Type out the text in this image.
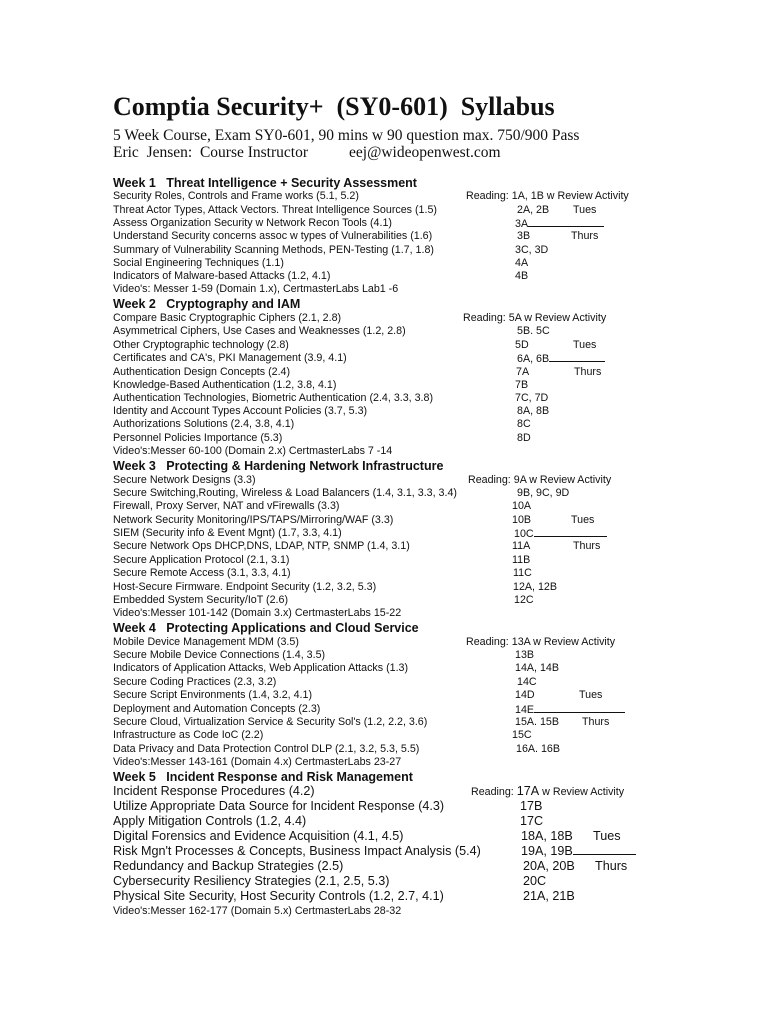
Comptia Security+  (SY0-601)  Syllabus
5 Week Course, Exam SY0-601, 90 mins w 90 question max. 750/900 Pass
Eric  Jensen:  Course Instructor	eej@wideopenwest.com
Week 1 Threat Intelligence + Security Assessment
Reading: 1A, 1B w Review Activity
Security Roles, Controls and Frame works (5.1, 5.2)
Threat Actor Types, Attack Vectors. Threat Intelligence Sources (1.5)	2A, 2B Tues
Assess Organization Security w Network Recon Tools (4.1)	3A
Understand Security concerns assoc w types of Vulnerabilities (1.6)	3B	Thurs
Summary of Vulnerability Scanning Methods, PEN-Testing (1.7, 1.8)	3C, 3D
Social Engineering Techniques (1.1)	4A
Indicators of Malware-based Attacks (1.2, 4.1)	4B
Video's: Messer 1-59 (Domain 1.x), CertmasterLabs Lab1 -6
Week 2 Cryptography and IAM
Reading: 5A w Review Activity
Compare Basic Cryptographic Ciphers (2.1, 2.8)
Asymmetrical Ciphers, Use Cases and Weaknesses (1.2, 2.8)	5B. 5C
Other Cryptographic technology (2.8)	5D	Tues
Certificates and CA's, PKI Management (3.9, 4.1)	6A, 6B
Authentication Design Concepts (2.4)	7A	Thurs
Knowledge-Based Authentication (1.2, 3.8, 4.1)	7B
Authentication Technologies, Biometric Authentication (2.4, 3.3, 3.8)	7C, 7D
Identity and Account Types Account Policies (3.7, 5.3)	8A, 8B
Authorizations Solutions (2.4, 3.8, 4.1)	8C
Personnel Policies Importance (5.3)	8D
Video's:Messer 60-100 (Domain 2.x) CertmasterLabs 7 -14
Week 3 Protecting & Hardening Network Infrastructure
Reading: 9A w Review Activity
Secure Network Designs (3.3)
Secure Switching,Routing, Wireless & Load Balancers (1.4, 3.1, 3.3, 3.4)	9B, 9C, 9D
Firewall, Proxy Server, NAT and vFirewalls (3.3)	10A
Network Security Monitoring/IPS/TAPS/Mirroring/WAF (3.3)	10B	Tues
SIEM (Security info & Event Mgnt) (1.7, 3.3, 4.1)	10C
Secure Network Ops DHCP,DNS, LDAP, NTP, SNMP (1.4, 3.1)	11A	Thurs
Secure Application Protocol (2.1, 3.1)	11B
Secure Remote Access (3.1, 3.3, 4.1)	11C
Host-Secure Firmware. Endpoint Security (1.2, 3.2, 5.3)	12A, 12B
Embedded System Security/IoT (2.6)	12C
Video's:Messer 101-142 (Domain 3.x) CertmasterLabs 15-22
Week 4 Protecting Applications and Cloud Service
Reading: 13A w Review Activity
Mobile Device Management MDM (3.5)
Secure Mobile Device Connections (1.4, 3.5)	13B
Indicators of Application Attacks, Web Application Attacks (1.3)	14A, 14B
Secure Coding Practices (2.3, 3.2)	14C
Secure Script Environments (1.4, 3.2, 4.1)	14D	Tues
Deployment and Automation Concepts (2.3)	14E
Secure Cloud, Virtualization Service & Security Sol's (1.2, 2.2, 3.6)	15A. 15B Thurs
Infrastructure as Code IoC (2.2)	15C
Data Privacy and Data Protection Control DLP (2.1, 3.2, 5.3, 5.5)	16A. 16B
Video's:Messer 143-161 (Domain 4.x) CertmasterLabs 23-27
Week 5 Incident Response and Risk Management
Reading: 17A w Review Activity
Incident Response Procedures (4.2)
Utilize Appropriate Data Source for Incident Response (4.3)	17B
Apply Mitigation Controls (1.2, 4.4)	17C
Digital Forensics and Evidence Acquisition (4.1, 4.5)	18A, 18B Tues
Risk Mgn't Processes & Concepts, Business Impact Analysis (5.4)	19A, 19B
Redundancy and Backup Strategies (2.5)	20A, 20B Thurs
Cybersecurity Resiliency Strategies (2.1, 2.5, 5.3)	20C
Physical Site Security, Host Security Controls (1.2, 2.7, 4.1)	21A, 21B
Video's:Messer 162-177 (Domain 5.x) CertmasterLabs 28-32
